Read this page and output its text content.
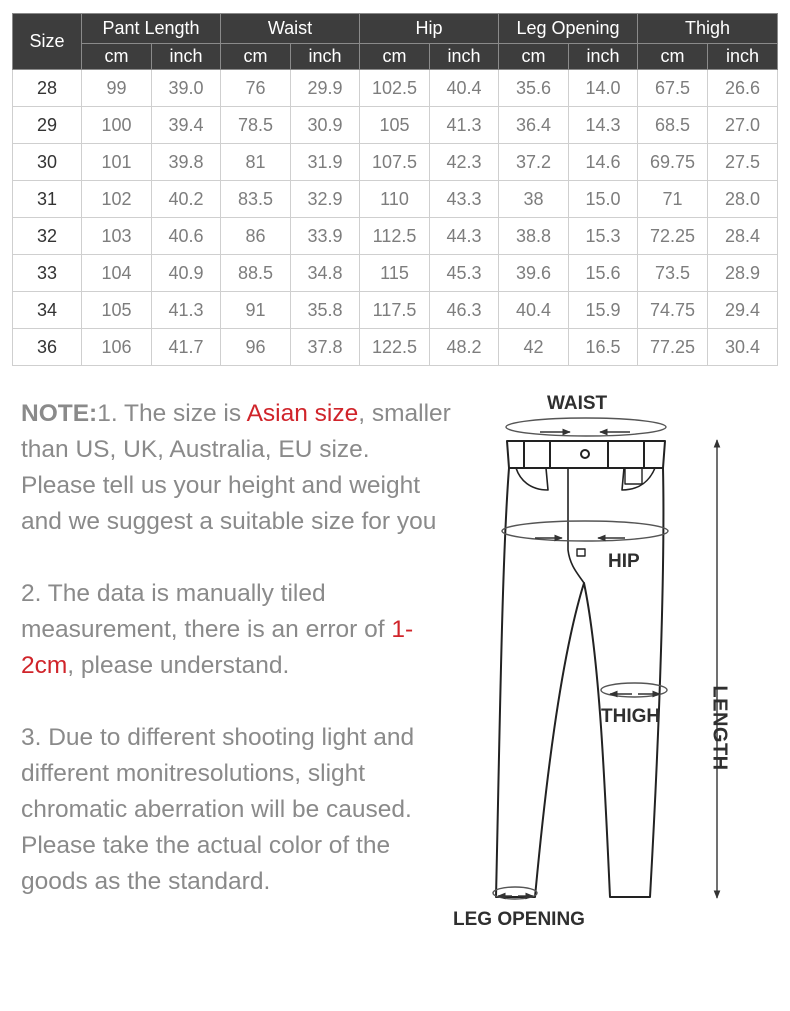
Size	Pant Length		Waist		Hip		Leg Opening		Thigh	
	cm	inch	cm	inch	cm	inch	cm	inch	cm	inch
28	99	39.0	76	29.9	102.5	40.4	35.6	14.0	67.5	26.6
29	100	39.4	78.5	30.9	105	41.3	36.4	14.3	68.5	27.0
30	101	39.8	81	31.9	107.5	42.3	37.2	14.6	69.75	27.5
31	102	40.2	83.5	32.9	110	43.3	38	15.0	71	28.0
32	103	40.6	86	33.9	112.5	44.3	38.8	15.3	72.25	28.4
33	104	40.9	88.5	34.8	115	45.3	39.6	15.6	73.5	28.9
34	105	41.3	91	35.8	117.5	46.3	40.4	15.9	74.75	29.4
36	106	41.7	96	37.8	122.5	48.2	42	16.5	77.25	30.4

NOTE:1. The size is Asian size, smaller than US, UK, Australia, EU size. Please tell us your height and weight and we suggest a suitable size for you

2. The data is manually tiled measurement, there is an error of 1-2cm, please understand.

3. Due to different shooting light and different monitresolutions, slight chromatic aberration will be caused. Please take the actual color of the goods as the standard.

WAIST
HIP
THIGH
LEG OPENING
LENGTH
